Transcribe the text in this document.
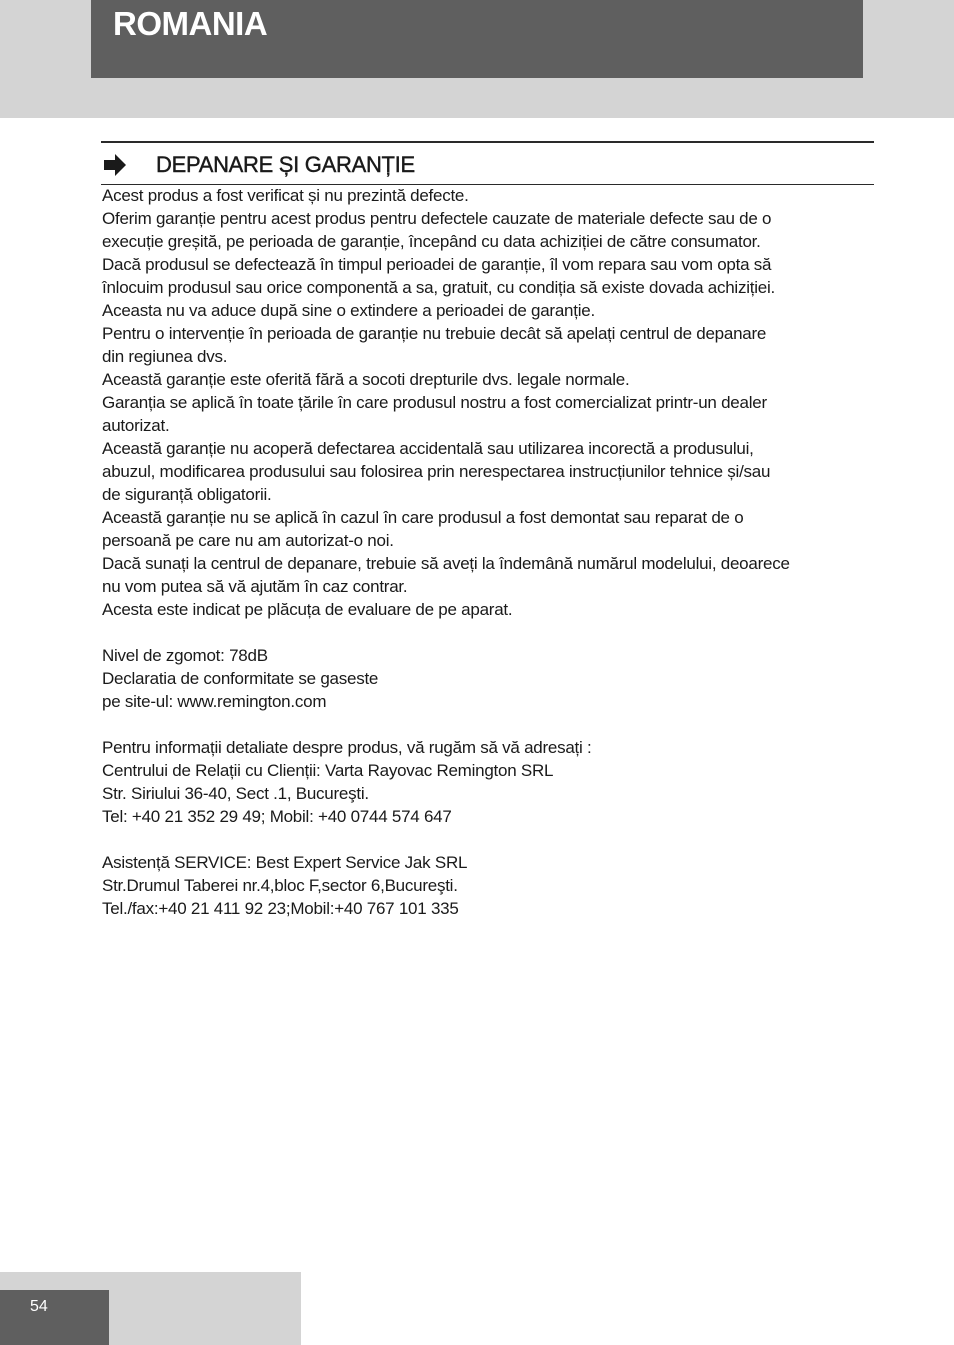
ROMANIA
DEPANARE ȘI GARANȚIE
Acest produs a fost verificat și nu prezintă defecte.
Oferim garanție pentru acest produs pentru defectele cauzate de materiale defecte sau de o
execuție greșită, pe perioada de garanție, începând cu data achiziției de către consumator.
Dacă produsul se defectează în timpul perioadei de garanție, îl vom repara sau vom opta să
înlocuim produsul sau orice componentă a sa, gratuit, cu condiția să existe dovada achiziției.
Aceasta nu va aduce după sine o extindere a perioadei de garanție.
Pentru o intervenție în perioada de garanție nu trebuie decât să apelați centrul de depanare
din regiunea dvs.
Această garanție este oferită fără a socoti drepturile dvs. legale normale.
Garanția se aplică în toate țările în care produsul nostru a fost comercializat printr-un dealer
autorizat.
Această garanție nu acoperă defectarea accidentală sau utilizarea incorectă a produsului,
abuzul, modificarea produsului sau folosirea prin nerespectarea instrucțiunilor tehnice și/sau
de siguranță obligatorii.
Această garanție nu se aplică în cazul în care produsul a fost demontat sau reparat de o
persoană pe care nu am autorizat-o noi.
Dacă sunați la centrul de depanare, trebuie să aveți la îndemână numărul modelului, deoarece
nu vom putea să vă ajutăm în caz contrar.
Acesta este indicat pe plăcuța de evaluare de pe aparat.
Nivel de zgomot: 78dB
Declaratia de conformitate se gaseste
pe site-ul: www.remington.com
Pentru informații detaliate despre produs, vă rugăm să vă adresați :
Centrului de Relații cu Clienții: Varta Rayovac Remington SRL
Str. Siriului 36-40, Sect .1, Bucureşti.
Tel: +40 21 352 29 49; Mobil: +40 0744 574 647
Asistență SERVICE: Best Expert Service Jak SRL
Str.Drumul Taberei nr.4,bloc F,sector 6,Bucureşti.
Tel./fax:+40 21 411 92 23;Mobil:+40 767 101 335
54
